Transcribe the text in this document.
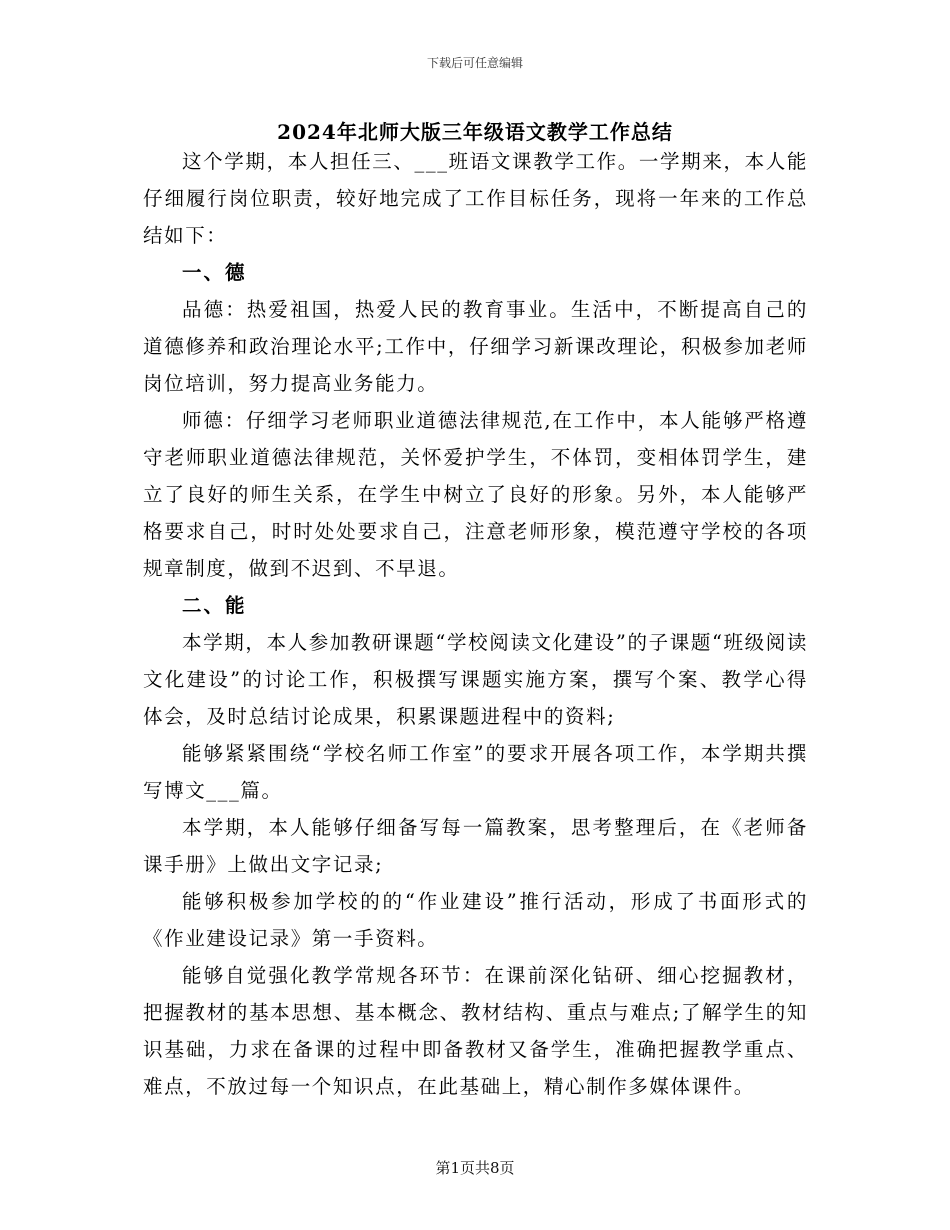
下载后可任意编辑
2024年北师大版三年级语文教学工作总结

这个学期，本人担任三、___班语文课教学工作。一学期来，本人能仔细履行岗位职责，较好地完成了工作目标任务，现将一年来的工作总结如下：

一、德

品德：热爱祖国，热爱人民的教育事业。生活中，不断提高自己的道德修养和政治理论水平;工作中，仔细学习新课改理论，积极参加老师岗位培训，努力提高业务能力。

师德：仔细学习老师职业道德法律规范,在工作中，本人能够严格遵守老师职业道德法律规范，关怀爱护学生，不体罚，变相体罚学生，建立了良好的师生关系，在学生中树立了良好的形象。另外，本人能够严格要求自己，时时处处要求自己，注意老师形象，模范遵守学校的各项规章制度，做到不迟到、不早退。

二、能

本学期，本人参加教研课题“学校阅读文化建设”的子课题“班级阅读文化建设”的讨论工作，积极撰写课题实施方案，撰写个案、教学心得体会，及时总结讨论成果，积累课题进程中的资料;

能够紧紧围绕“学校名师工作室”的要求开展各项工作，本学期共撰写博文___篇。

本学期，本人能够仔细备写每一篇教案，思考整理后，在《老师备课手册》上做出文字记录;

能够积极参加学校的的“作业建设”推行活动，形成了书面形式的《作业建设记录》第一手资料。

能够自觉强化教学常规各环节：在课前深化钻研、细心挖掘教材，把握教材的基本思想、基本概念、教材结构、重点与难点;了解学生的知识基础，力求在备课的过程中即备教材又备学生，准确把握教学重点、难点，不放过每一个知识点，在此基础上，精心制作多媒体课件。

第1页共8页
